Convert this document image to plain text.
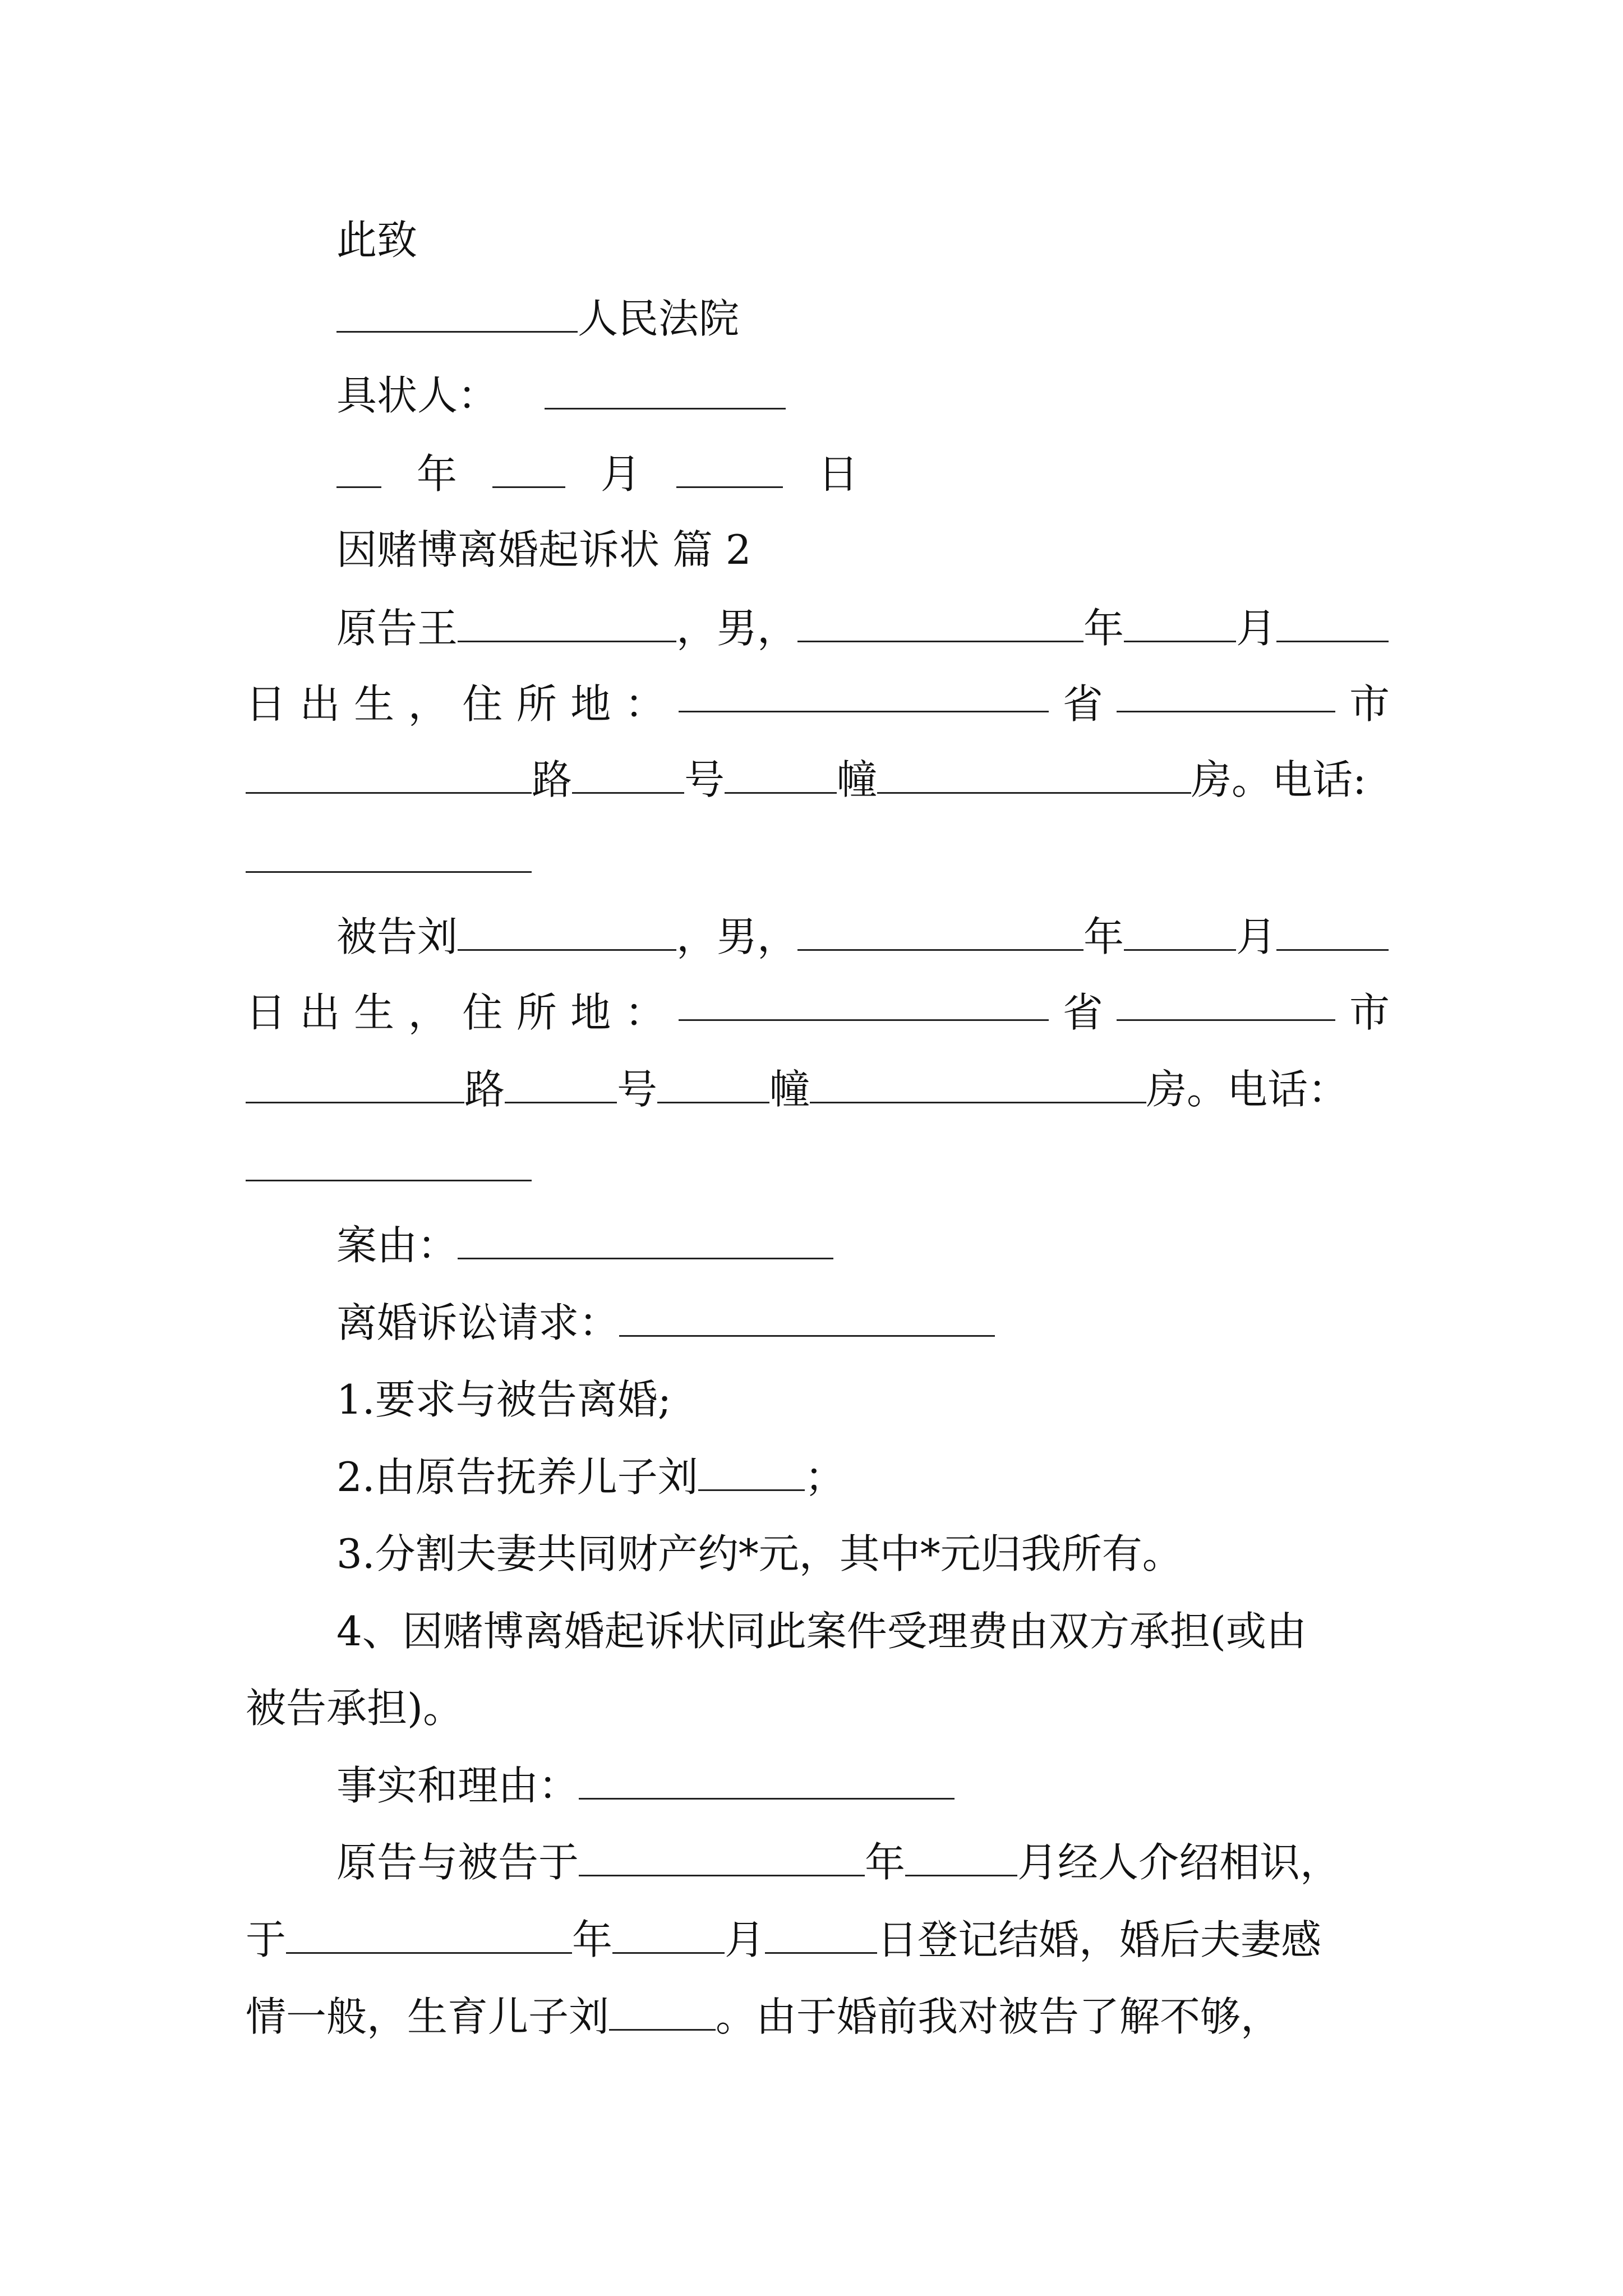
此致
人民法院
具状人：
年	月	日
因赌博离婚起诉状 篇 2
原告王	，男，	年	月
日 出 生 ， 住 所 地 ：	省	市
路	号	幢	房。电话:
被告刘	，男，	年	月
日 出 生 ， 住 所 地 ：	省	市
路	号	幢	房。电话：
案由：
离婚诉讼请求：
1.要求与被告离婚;
2.由原告抚养儿子刘	；
3.分割夫妻共同财产约*元，其中*元归我所有。
4、因赌博离婚起诉状同此案件受理费由双方承担(或由
被告承担)。
事实和理由：
原告与被告于	年	月经人介绍相识，
于	年	月	日登记结婚，婚后夫妻感
情一般，生育儿子刘	。由于婚前我对被告了解不够，
